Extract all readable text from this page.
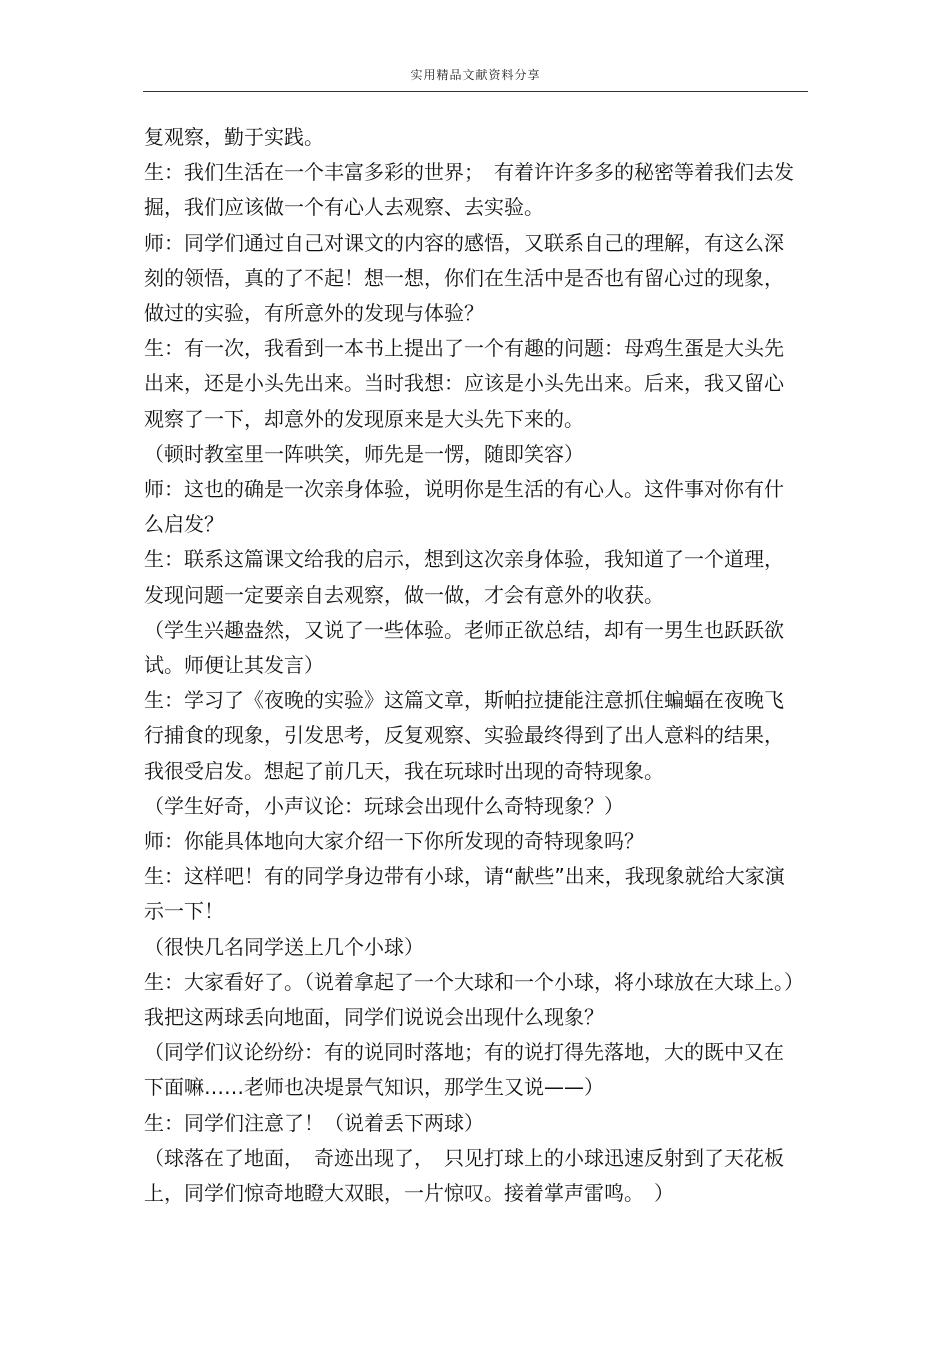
实用精品文献资料分享

复观察，勤于实践。

生：我们生活在一个丰富多彩的世界；　有着许许多多的秘密等着我们去发掘，我们应该做一个有心人去观察、去实验。

师：同学们通过自己对课文的内容的感悟，又联系自己的理解，有这么深刻的领悟，真的了不起！想一想，你们在生活中是否也有留心过的现象，做过的实验，有所意外的发现与体验？

生：有一次，我看到一本书上提出了一个有趣的问题：母鸡生蛋是大头先出来，还是小头先出来。当时我想：应该是小头先出来。后来，我又留心观察了一下，却意外的发现原来是大头先下来的。

（顿时教室里一阵哄笑，师先是一愣，随即笑容）

师：这也的确是一次亲身体验，说明你是生活的有心人。这件事对你有什么启发？

生：联系这篇课文给我的启示，想到这次亲身体验，我知道了一个道理，发现问题一定要亲自去观察，做一做，才会有意外的收获。

（学生兴趣盎然，又说了一些体验。老师正欲总结，却有一男生也跃跃欲试。师便让其发言）

生：学习了《夜晚的实验》这篇文章，斯帕拉捷能注意抓住蝙蝠在夜晚飞行捕食的现象，引发思考，反复观察、实验最终得到了出人意料的结果，我很受启发。想起了前几天，我在玩球时出现的奇特现象。

（学生好奇，小声议论：玩球会出现什么奇特现象？）

师：你能具体地向大家介绍一下你所发现的奇特现象吗？

生：这样吧！有的同学身边带有小球，请“献些”出来，我现象就给大家演示一下！

（很快几名同学送上几个小球）

生：大家看好了。（说着拿起了一个大球和一个小球，将小球放在大球上。）我把这两球丢向地面，同学们说说会出现什么现象？

（同学们议论纷纷：有的说同时落地；有的说打得先落地，大的既中又在下面嘛……老师也决堤景气知识，那学生又说——）

生：同学们注意了！（说着丢下两球）

（球落在了地面，　奇迹出现了，　只见打球上的小球迅速反射到了天花板上，同学们惊奇地瞪大双眼，一片惊叹。接着掌声雷鸣。　）
